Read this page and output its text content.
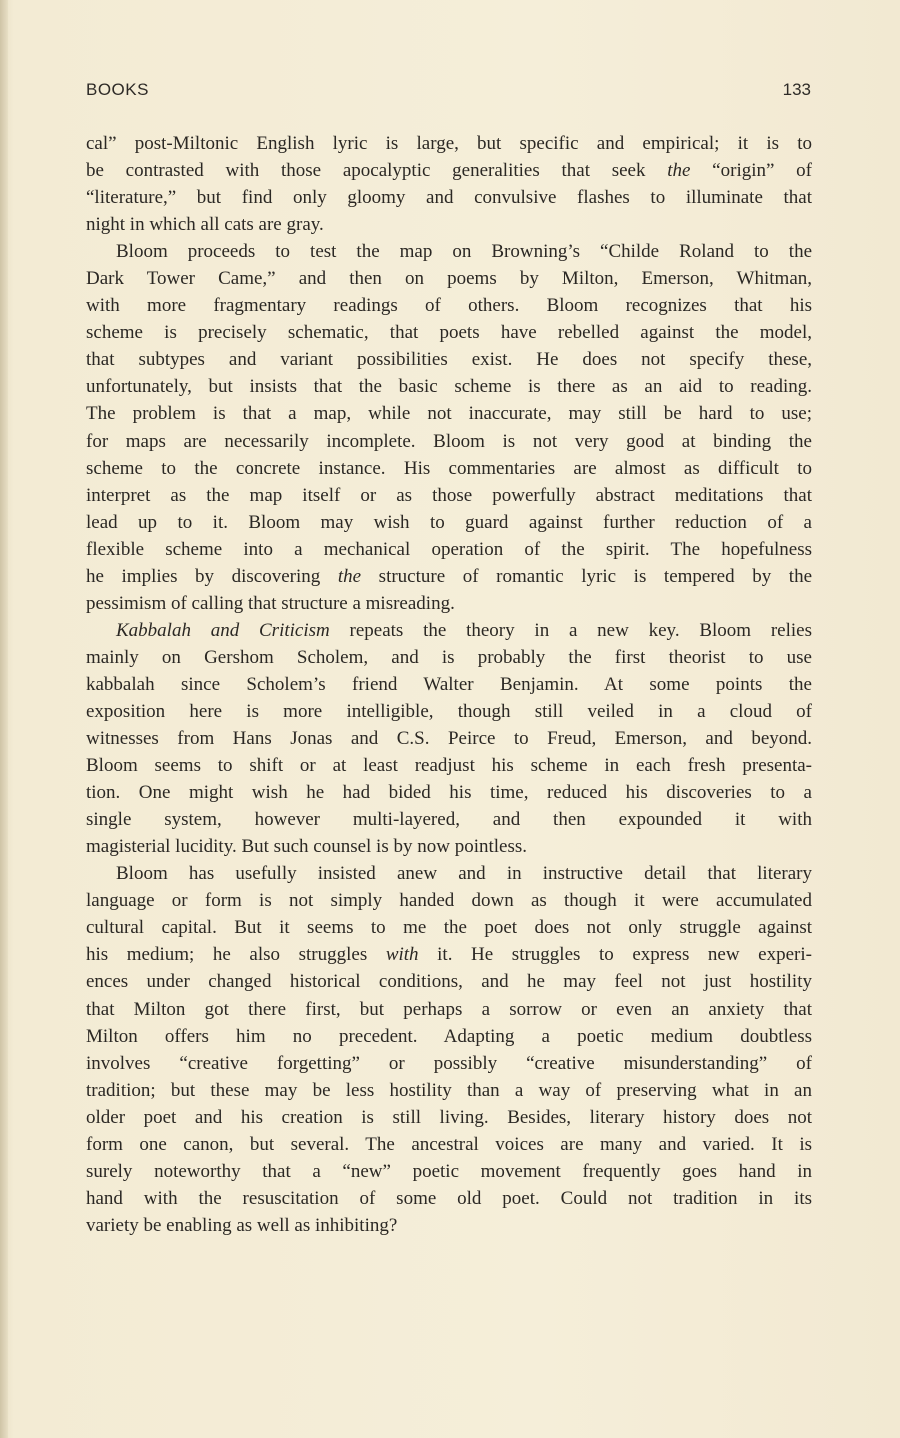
BOOKS	133
cal” post-Miltonic English lyric is large, but specific and empirical; it is to
be contrasted with those apocalyptic generalities that seek the “origin” of
“literature,” but find only gloomy and convulsive flashes to illuminate that
night in which all cats are gray.
Bloom proceeds to test the map on Browning’s “Childe Roland to the
Dark Tower Came,” and then on poems by Milton, Emerson, Whitman,
with more fragmentary readings of others. Bloom recognizes that his
scheme is precisely schematic, that poets have rebelled against the model,
that subtypes and variant possibilities exist. He does not specify these,
unfortunately, but insists that the basic scheme is there as an aid to reading.
The problem is that a map, while not inaccurate, may still be hard to use;
for maps are necessarily incomplete. Bloom is not very good at binding the
scheme to the concrete instance. His commentaries are almost as difficult to
interpret as the map itself or as those powerfully abstract meditations that
lead up to it. Bloom may wish to guard against further reduction of a
flexible scheme into a mechanical operation of the spirit. The hopefulness
he implies by discovering the structure of romantic lyric is tempered by the
pessimism of calling that structure a misreading.
Kabbalah and Criticism repeats the theory in a new key. Bloom relies
mainly on Gershom Scholem, and is probably the first theorist to use
kabbalah since Scholem’s friend Walter Benjamin. At some points the
exposition here is more intelligible, though still veiled in a cloud of
witnesses from Hans Jonas and C.S. Peirce to Freud, Emerson, and beyond.
Bloom seems to shift or at least readjust his scheme in each fresh presenta-
tion. One might wish he had bided his time, reduced his discoveries to a
single system, however multi-layered, and then expounded it with
magisterial lucidity. But such counsel is by now pointless.
Bloom has usefully insisted anew and in instructive detail that literary
language or form is not simply handed down as though it were accumulated
cultural capital. But it seems to me the poet does not only struggle against
his medium; he also struggles with it. He struggles to express new experi-
ences under changed historical conditions, and he may feel not just hostility
that Milton got there first, but perhaps a sorrow or even an anxiety that
Milton offers him no precedent. Adapting a poetic medium doubtless
involves “creative forgetting” or possibly “creative misunderstanding” of
tradition; but these may be less hostility than a way of preserving what in an
older poet and his creation is still living. Besides, literary history does not
form one canon, but several. The ancestral voices are many and varied. It is
surely noteworthy that a “new” poetic movement frequently goes hand in
hand with the resuscitation of some old poet. Could not tradition in its
variety be enabling as well as inhibiting?
